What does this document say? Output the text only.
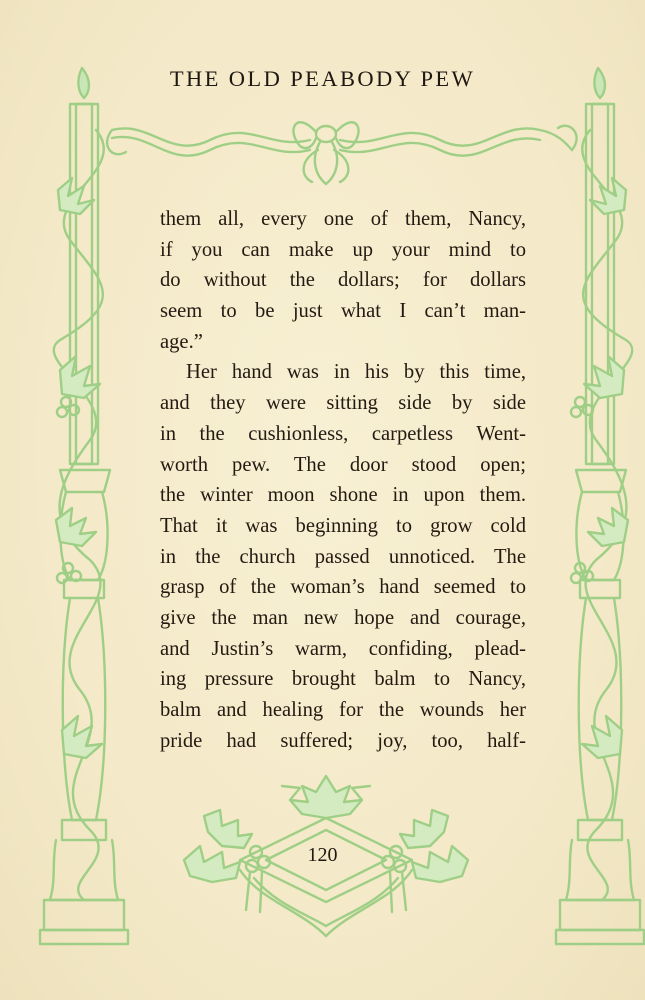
THE OLD PEABODY PEW
them all, every one of them, Nancy,
if you can make up your mind to
do without the dollars; for dollars
seem to be just what I can’t man-
age.”
Her hand was in his by this time,
and they were sitting side by side
in the cushionless, carpetless Went-
worth pew. The door stood open;
the winter moon shone in upon them.
That it was beginning to grow cold
in the church passed unnoticed. The
grasp of the woman’s hand seemed to
give the man new hope and courage,
and Justin’s warm, confiding, plead-
ing pressure brought balm to Nancy,
balm and healing for the wounds her
pride had suffered; joy, too, half-
120
